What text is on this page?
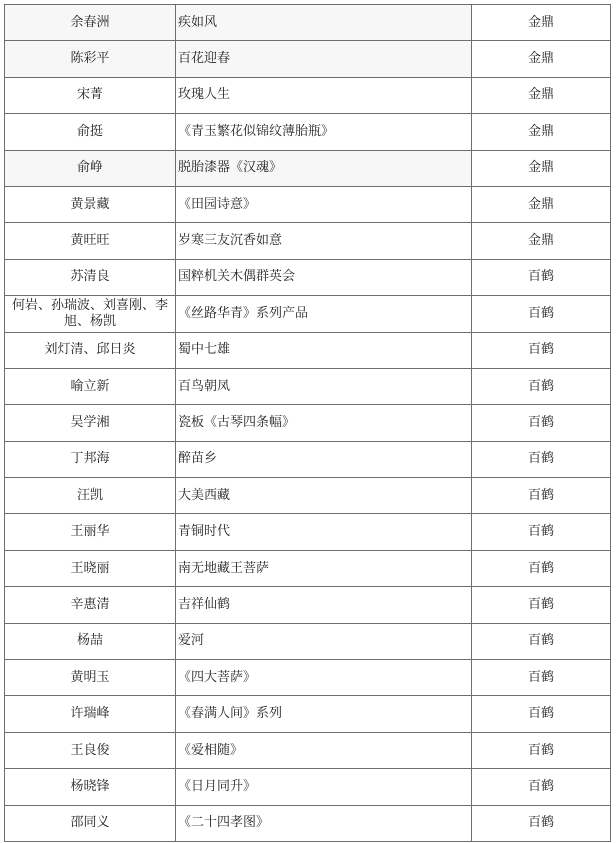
余春洲	疾如风	金鼎
陈彩平	百花迎春	金鼎
宋菁	玫瑰人生	金鼎
俞挺	《青玉繁花似锦纹薄胎瓶》	金鼎
俞峥	脱胎漆器《汉魂》	金鼎
黄景藏	《田园诗意》	金鼎
黄旺旺	岁寒三友沉香如意	金鼎
苏清良	国粹机关木偶群英会	百鹤
何岩、孙瑞波、刘喜刚、李旭、杨凯	《丝路华青》系列产品	百鹤
刘灯清、邱日炎	蜀中七雄	百鹤
喻立新	百鸟朝凤	百鹤
吴学湘	瓷板《古琴四条幅》	百鹤
丁邦海	醉苗乡	百鹤
汪凯	大美西藏	百鹤
王丽华	青铜时代	百鹤
王晓丽	南无地藏王菩萨	百鹤
辛惠清	吉祥仙鹤	百鹤
杨喆	爱河	百鹤
黄明玉	《四大菩萨》	百鹤
许瑞峰	《春满人间》系列	百鹤
王良俊	《爱相随》	百鹤
杨晓锋	《日月同升》	百鹤
邵同义	《二十四孝图》	百鹤
